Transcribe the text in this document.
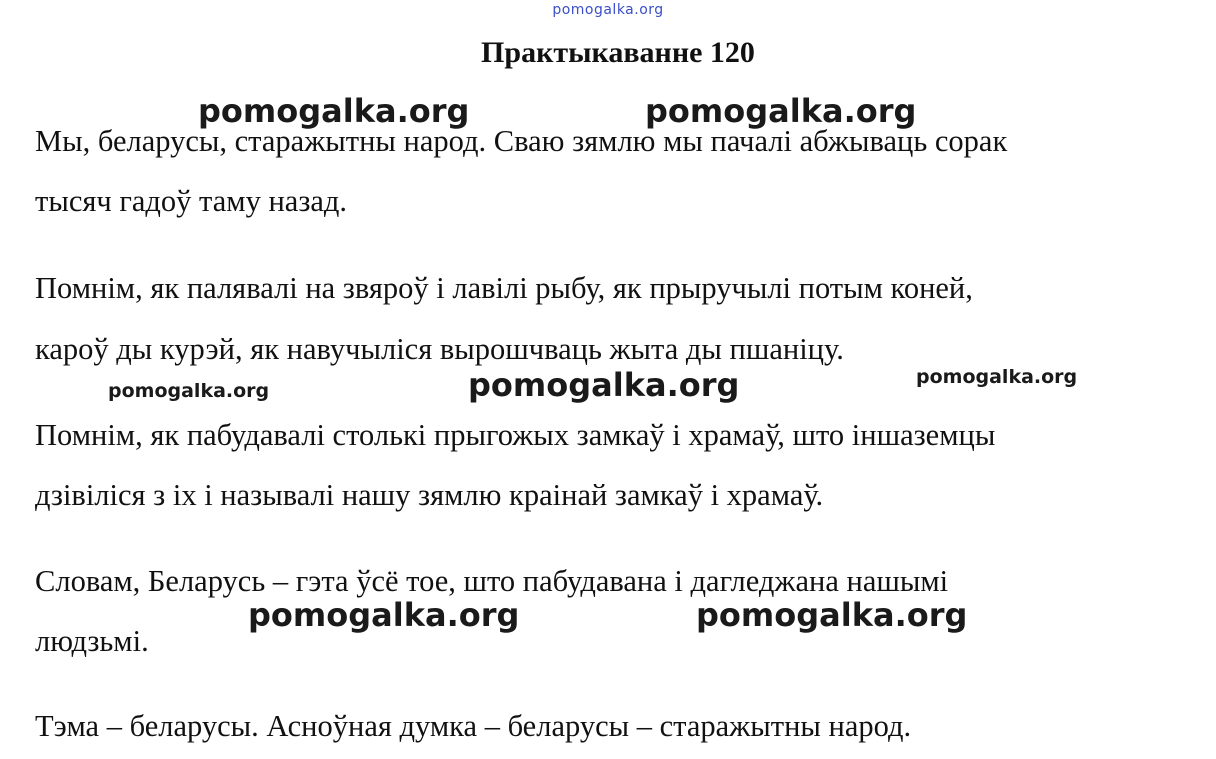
pomogalka.org
Практыкаванне 120
Мы, беларусы, старажытны народ. Сваю зямлю мы пачалі абжываць сорак
тысяч гадоў таму назад.
Помнім, як палявалі на звяроў і лавілі рыбу, як прыручылі потым коней,
кароў ды курэй, як навучыліся вырошчваць жыта ды пшаніцу.
Помнім, як пабудавалі столькі прыгожых замкаў і храмаў, што іншаземцы
дзівіліся з іх і называлі нашу зямлю краінай замкаў і храмаў.
Словам, Беларусь – гэта ўсё тое, што пабудавана і дагледжана нашымі
людзьмі.
Тэма – беларусы. Асноўная думка – беларусы – старажытны народ.
pomogalka.org	pomogalka.org
pomogalka.org	pomogalka.org	pomogalka.org
pomogalka.org	pomogalka.org
